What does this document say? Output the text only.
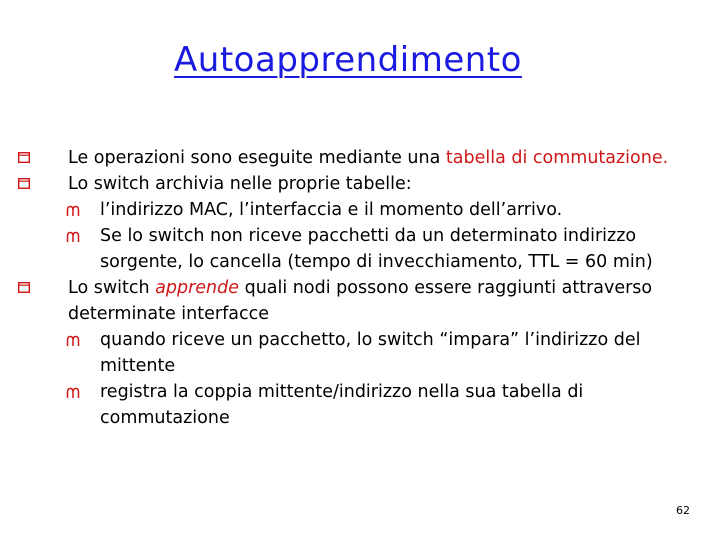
Autoapprendimento
Le operazioni sono eseguite mediante una tabella di commutazione.
Lo switch archivia nelle proprie tabelle:
l’indirizzo MAC, l’interfaccia e il momento dell’arrivo.
Se lo switch non riceve pacchetti da un determinato indirizzo
sorgente, lo cancella (tempo di invecchiamento, TTL = 60 min)
Lo switch apprende quali nodi possono essere raggiunti attraverso
determinate interfacce
quando riceve un pacchetto, lo switch “impara” l’indirizzo del
mittente
registra la coppia mittente/indirizzo nella sua tabella di
commutazione
62
